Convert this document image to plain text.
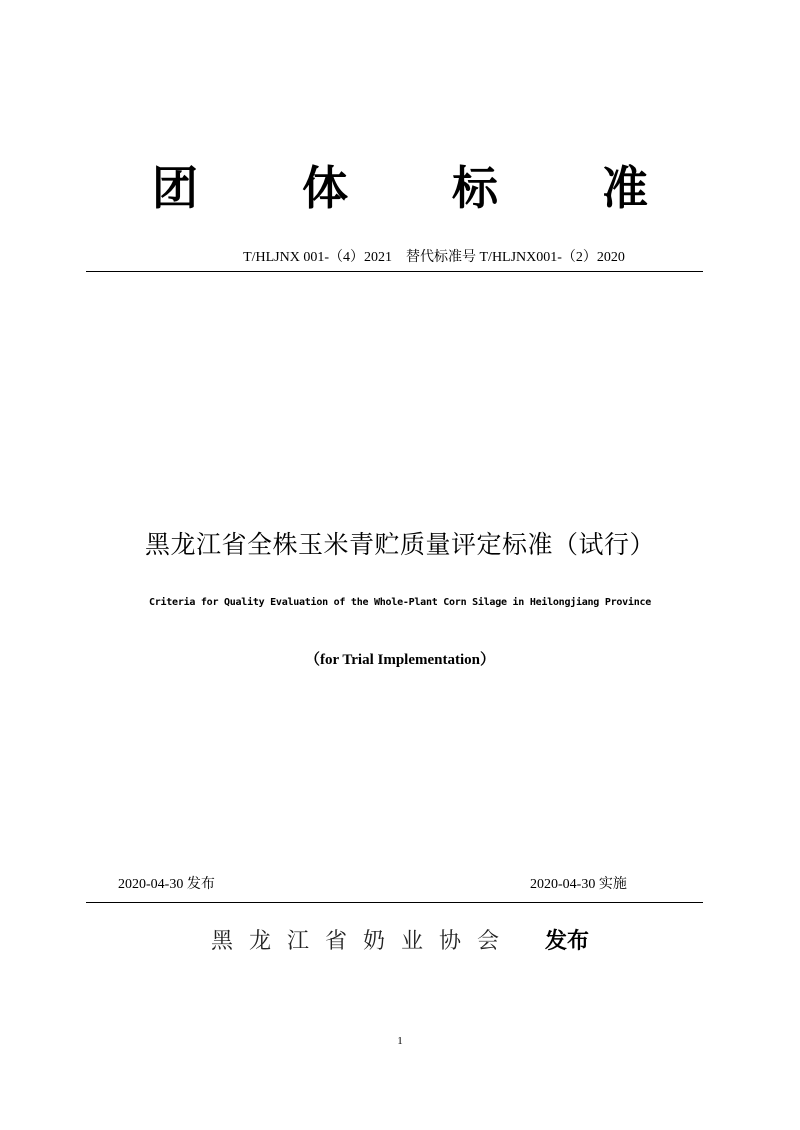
团 体 标 准
T/HLJNX 001-（4）2021 替代标准号 T/HLJNX001-（2）2020
黑龙江省全株玉米青贮质量评定标准（试行）
Criteria for Quality Evaluation of the Whole-Plant Corn Silage in Heilongjiang Province
（for Trial Implementation）
2020-04-30 发布	2020-04-30 实施
黑龙江省奶业协会 发布
1
